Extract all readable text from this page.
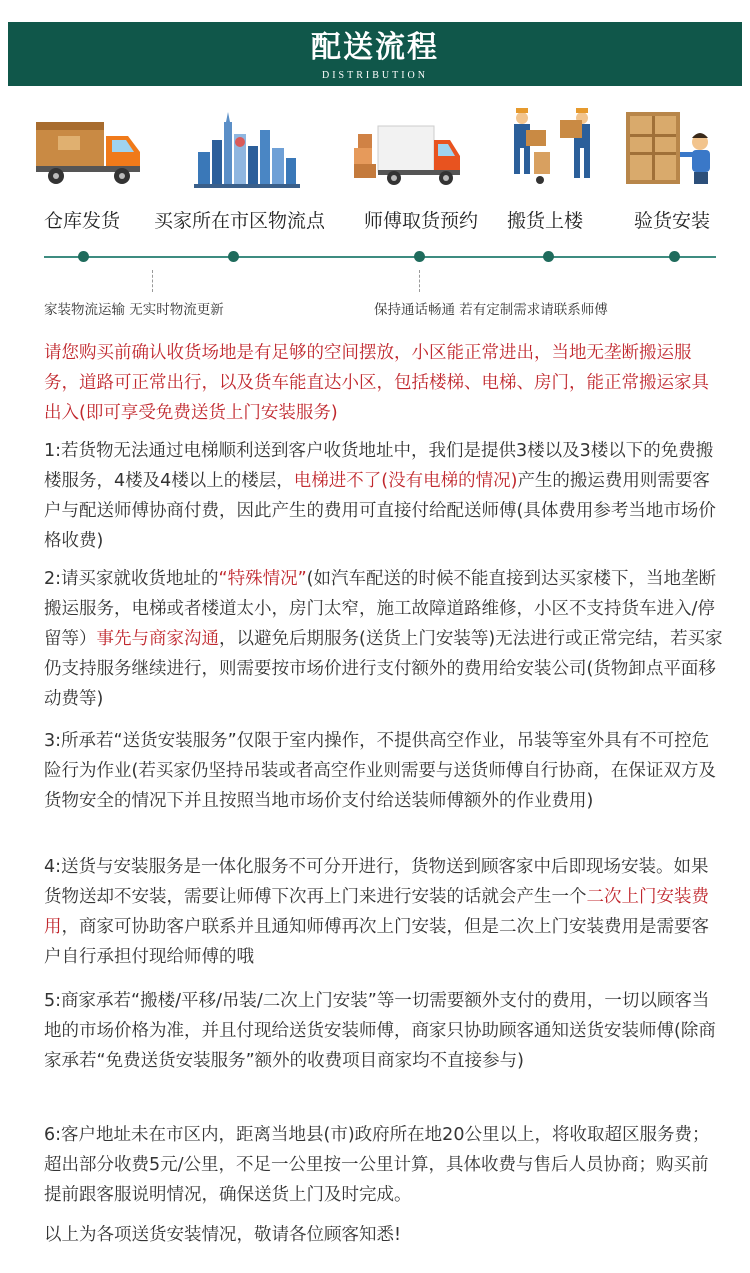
配送流程
DISTRIBUTION
仓库发货 买家所在市区物流点 师傅取货预约 搬货上楼	验货安装
家装物流运输 无实时物流更新	保持通话畅通 若有定制需求请联系师傅
请您购买前确认收货场地是有足够的空间摆放，小区能正常进出，当地无垄断搬运服务，道路可正常出行，以及货车能直达小区，包括楼梯、电梯、房门，能正常搬运家具出入(即可享受免费送货上门安装服务)
1:若货物无法通过电梯顺利送到客户收货地址中，我们是提供3楼以及3楼以下的免费搬楼服务，4楼及4楼以上的楼层，电梯进不了(没有电梯的情况)产生的搬运费用则需要客户与配送师傅协商付费，因此产生的费用可直接付给配送师傅(具体费用参考当地市场价格收费)
2:请买家就收货地址的“特殊情况”(如汽车配送的时候不能直接到达买家楼下，当地垄断搬运服务，电梯或者楼道太小，房门太窄，施工故障道路维修，小区不支持货车进入/停留等）事先与商家沟通，以避免后期服务(送货上门安装等)无法进行或正常完结，若买家仍支持服务继续进行，则需要按市场价进行支付额外的费用给安装公司(货物卸点平面移动费等)
3:所承若“送货安装服务”仅限于室内操作，不提供高空作业，吊装等室外具有不可控危险行为作业(若买家仍坚持吊装或者高空作业则需要与送货师傅自行协商，在保证双方及货物安全的情况下并且按照当地市场价支付给送装师傅额外的作业费用)
4:送货与安装服务是一体化服务不可分开进行，货物送到顾客家中后即现场安装。如果货物送却不安装，需要让师傅下次再上门来进行安装的话就会产生一个二次上门安装费用，商家可协助客户联系并且通知师傅再次上门安装，但是二次上门安装费用是需要客户自行承担付现给师傅的哦
5:商家承若“搬楼/平移/吊装/二次上门安装”等一切需要额外支付的费用，一切以顾客当地的市场价格为准，并且付现给送货安装师傅，商家只协助顾客通知送货安装师傅(除商家承若“免费送货安装服务”额外的收费项目商家均不直接参与)
6:客户地址未在市区内，距离当地县(市)政府所在地20公里以上，将收取超区服务费；超出部分收费5元/公里，不足一公里按一公里计算，具体收费与售后人员协商；购买前提前跟客服说明情况，确保送货上门及时完成。
以上为各项送货安装情况，敬请各位顾客知悉!
